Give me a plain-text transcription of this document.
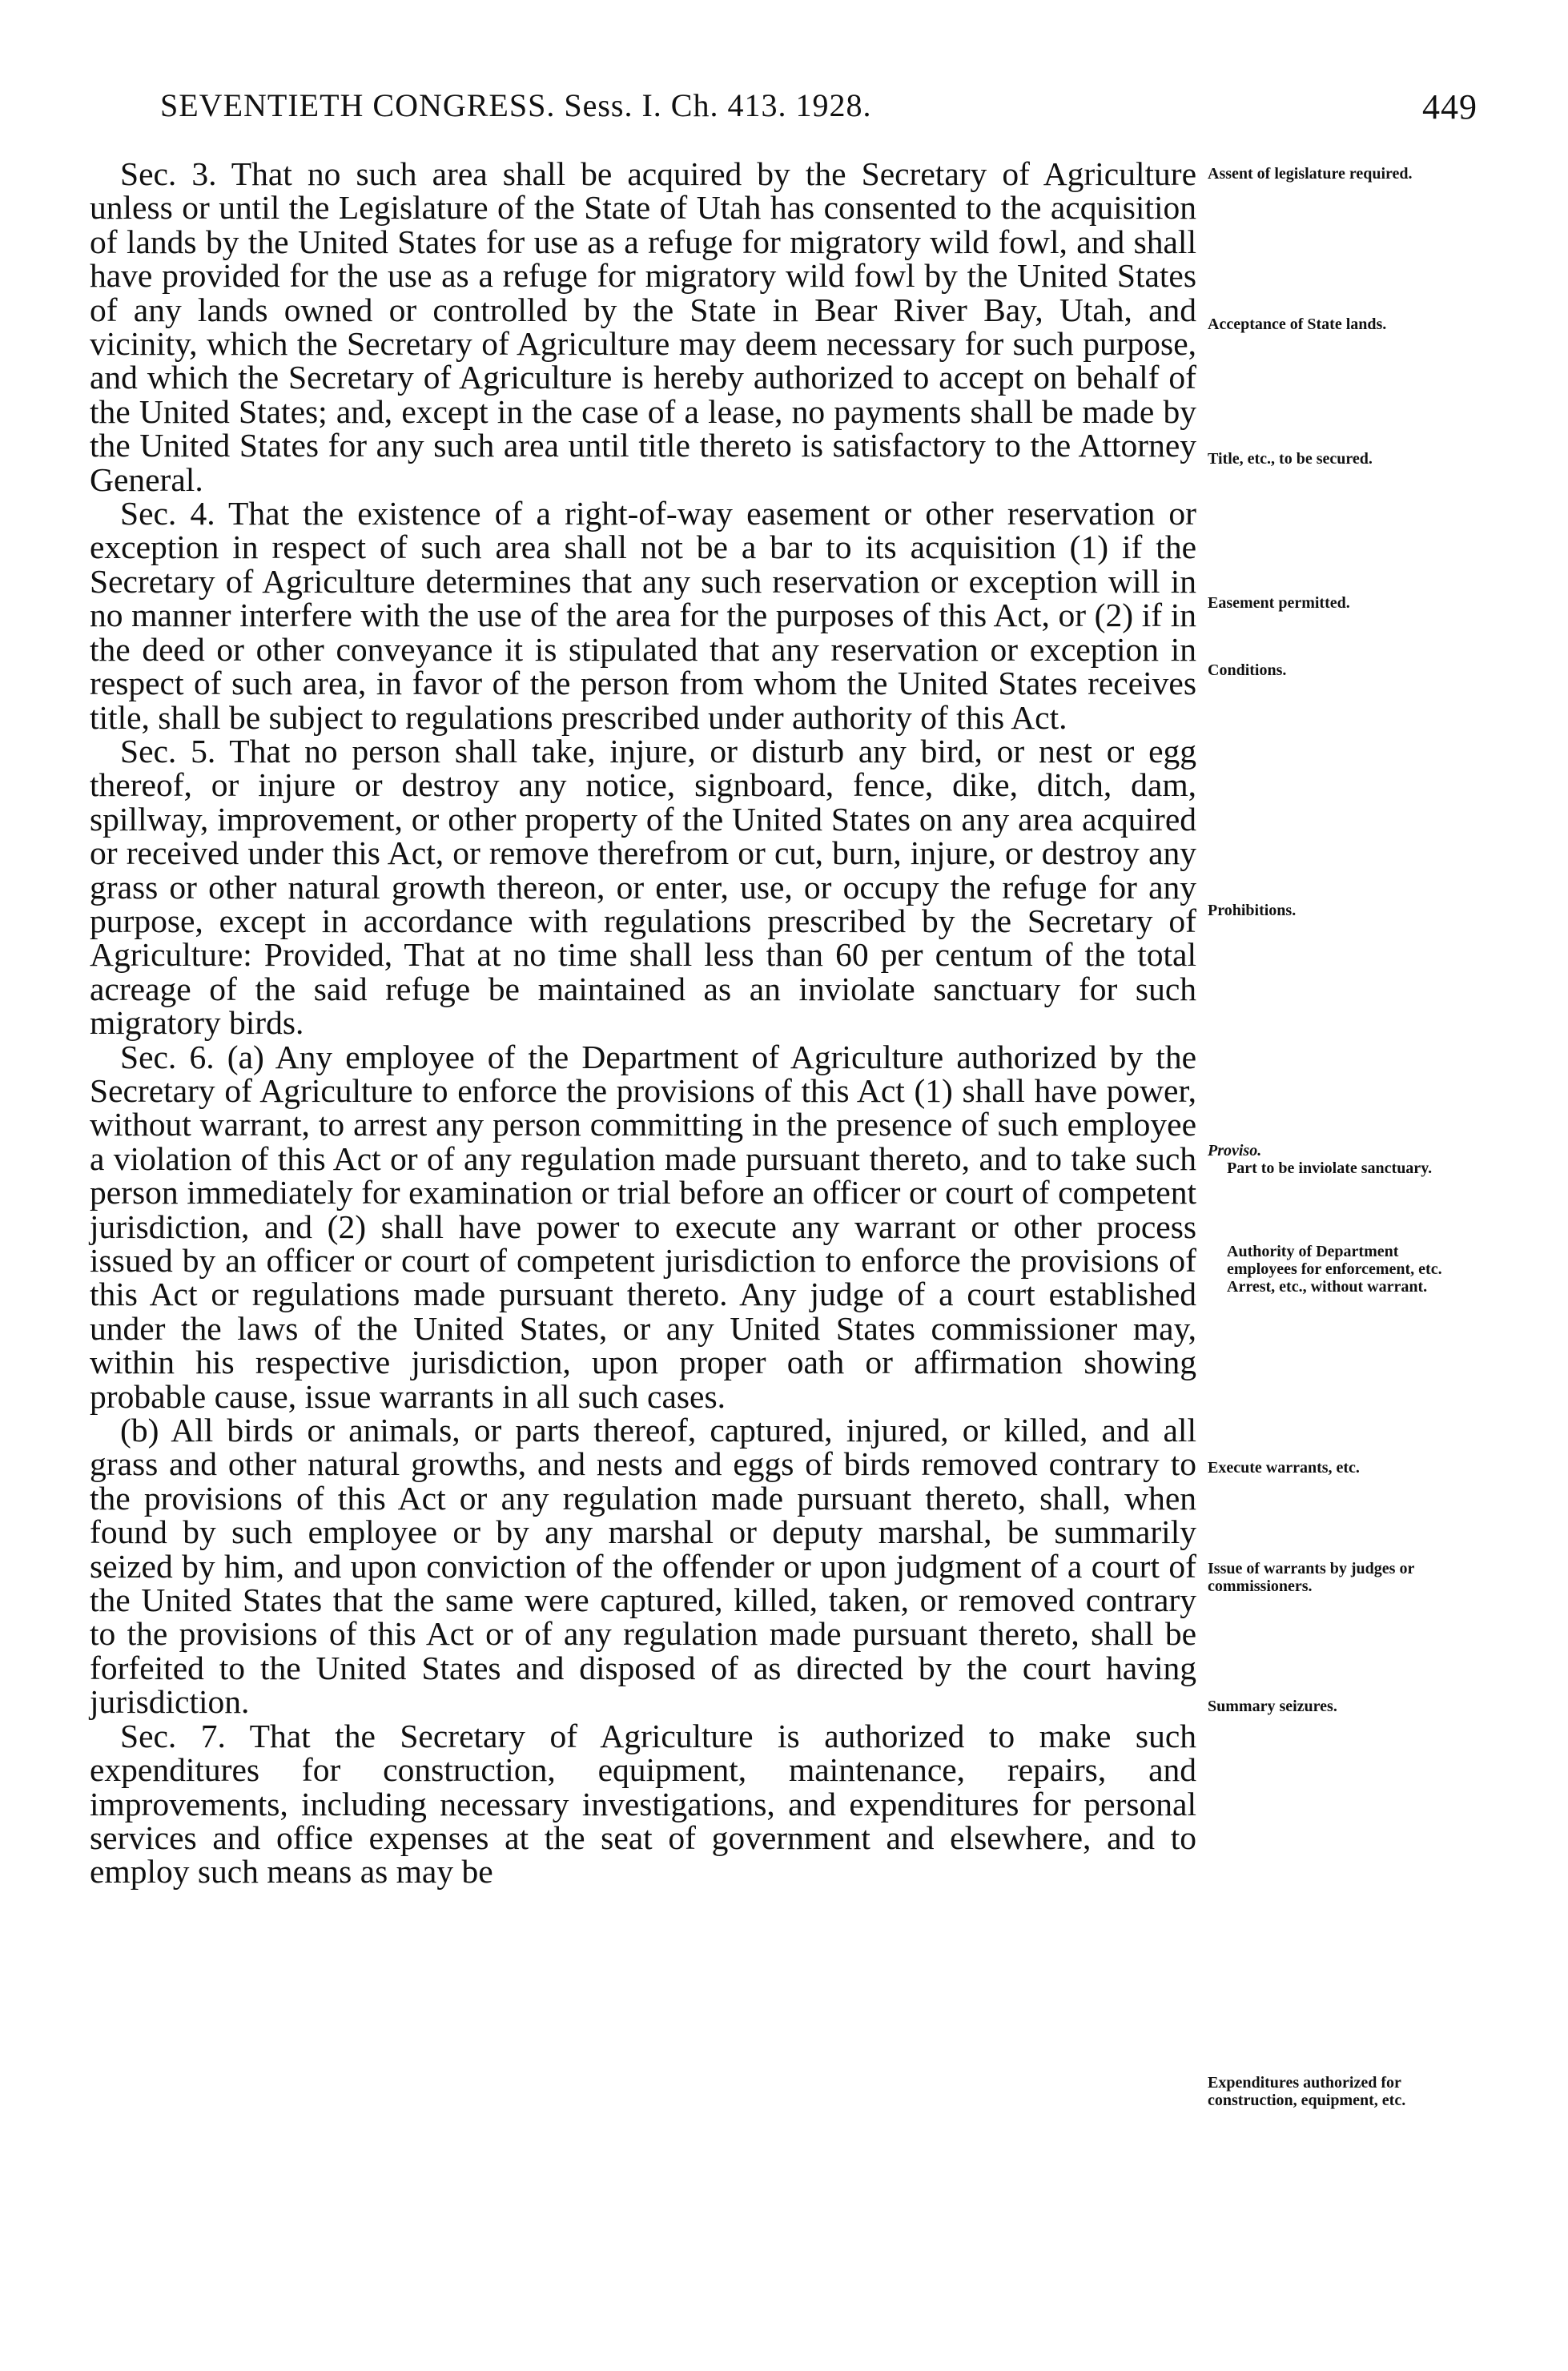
SEVENTIETH CONGRESS. Sess. I. Ch. 413. 1928.	449

Sec. 3. That no such area shall be acquired by the Secretary of Agriculture unless or until the Legislature of the State of Utah has consented to the acquisition of lands by the United States for use as a refuge for migratory wild fowl, and shall have provided for the use as a refuge for migratory wild fowl by the United States of any lands owned or controlled by the State in Bear River Bay, Utah, and vicinity, which the Secretary of Agriculture may deem necessary for such purpose, and which the Secretary of Agriculture is hereby authorized to accept on behalf of the United States; and, except in the case of a lease, no payments shall be made by the United States for any such area until title thereto is satisfactory to the Attorney General.

Sec. 4. That the existence of a right-of-way easement or other reservation or exception in respect of such area shall not be a bar to its acquisition (1) if the Secretary of Agriculture determines that any such reservation or exception will in no manner interfere with the use of the area for the purposes of this Act, or (2) if in the deed or other conveyance it is stipulated that any reservation or exception in respect of such area, in favor of the person from whom the United States receives title, shall be subject to regulations prescribed under authority of this Act.

Sec. 5. That no person shall take, injure, or disturb any bird, or nest or egg thereof, or injure or destroy any notice, signboard, fence, dike, ditch, dam, spillway, improvement, or other property of the United States on any area acquired or received under this Act, or remove therefrom or cut, burn, injure, or destroy any grass or other natural growth thereon, or enter, use, or occupy the refuge for any purpose, except in accordance with regulations prescribed by the Secretary of Agriculture: Provided, That at no time shall less than 60 per centum of the total acreage of the said refuge be maintained as an inviolate sanctuary for such migratory birds.

Sec. 6. (a) Any employee of the Department of Agriculture authorized by the Secretary of Agriculture to enforce the provisions of this Act (1) shall have power, without warrant, to arrest any person committing in the presence of such employee a violation of this Act or of any regulation made pursuant thereto, and to take such person immediately for examination or trial before an officer or court of competent jurisdiction, and (2) shall have power to execute any warrant or other process issued by an officer or court of competent jurisdiction to enforce the provisions of this Act or regulations made pursuant thereto. Any judge of a court established under the laws of the United States, or any United States commissioner may, within his respective jurisdiction, upon proper oath or affirmation showing probable cause, issue warrants in all such cases.

(b) All birds or animals, or parts thereof, captured, injured, or killed, and all grass and other natural growths, and nests and eggs of birds removed contrary to the provisions of this Act or any regulation made pursuant thereto, shall, when found by such employee or by any marshal or deputy marshal, be summarily seized by him, and upon conviction of the offender or upon judgment of a court of the United States that the same were captured, killed, taken, or removed contrary to the provisions of this Act or of any regulation made pursuant thereto, shall be forfeited to the United States and disposed of as directed by the court having jurisdiction.

Sec. 7. That the Secretary of Agriculture is authorized to make such expenditures for construction, equipment, maintenance, repairs, and improvements, including necessary investigations, and expenditures for personal services and office expenses at the seat of government and elsewhere, and to employ such means as may be

Assent of legislature required.
Acceptance of State lands.
Title, etc., to be secured.
Easement permitted.
Conditions.
Prohibitions.
Proviso.

Part to be inviolate sanctuary.
Authority of Department employees for enforcement, etc.
Arrest, etc., without warrant.
Execute warrants, etc.
Issue of warrants by judges or commissioners.
Summary seizures.
Expenditures authorized for construction, equipment, etc.
